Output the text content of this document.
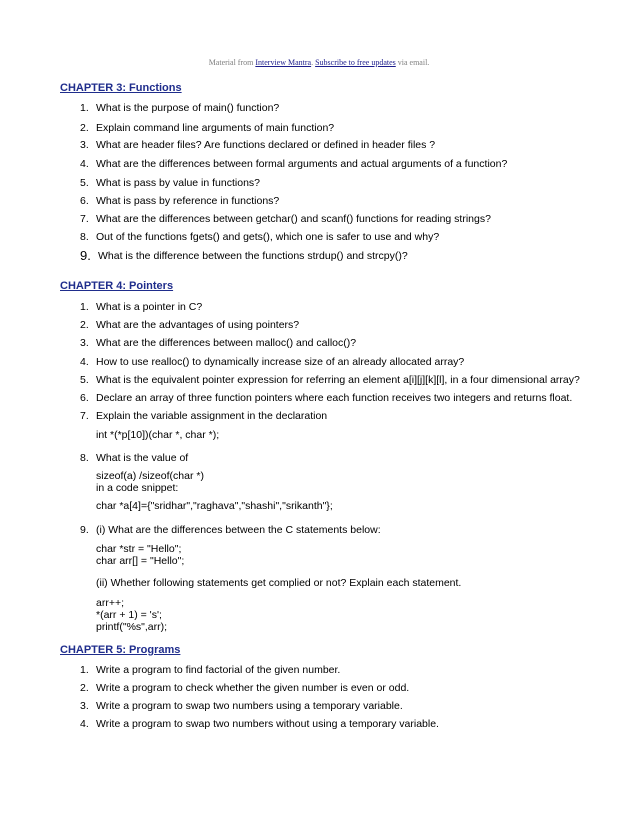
Material from Interview Mantra. Subscribe to free updates via email.
CHAPTER 3: Functions
1. What is the purpose of main() function?
2. Explain command line arguments of main function?
3. What are header files? Are functions declared or defined in header files ?
4. What are the differences between formal arguments and actual arguments of a function?
5. What is pass by value in functions?
6. What is pass by reference in functions?
7. What are the differences between getchar() and scanf() functions for reading strings?
8. Out of the functions fgets() and gets(), which one is safer to use and why?
9. What is the difference between the functions strdup() and strcpy()?
CHAPTER 4: Pointers
1. What is a pointer in C?
2. What are the advantages of using pointers?
3. What are the differences between malloc() and calloc()?
4. How to use realloc() to dynamically increase size of an already allocated array?
5. What is the equivalent pointer expression for referring an element a[i][j][k][l], in a four dimensional array?
6. Declare an array of three function pointers where each function receives two integers and returns float.
7. Explain the variable assignment in the declaration
int *(*p[10])(char *, char *);
8. What is the value of
sizeof(a) /sizeof(char *)
in a code snippet:
char *a[4]={"sridhar","raghava","shashi","srikanth"};
9. (i) What are the differences between the C statements below:
char *str = "Hello";
char arr[] = "Hello";
(ii) Whether following statements get complied or not? Explain each statement.
arr++;
*(arr + 1) = 's';
printf("%s",arr);
CHAPTER 5: Programs
1. Write a program to find factorial of the given number.
2. Write a program to check whether the given number is even or odd.
3. Write a program to swap two numbers using a temporary variable.
4. Write a program to swap two numbers without using a temporary variable.
